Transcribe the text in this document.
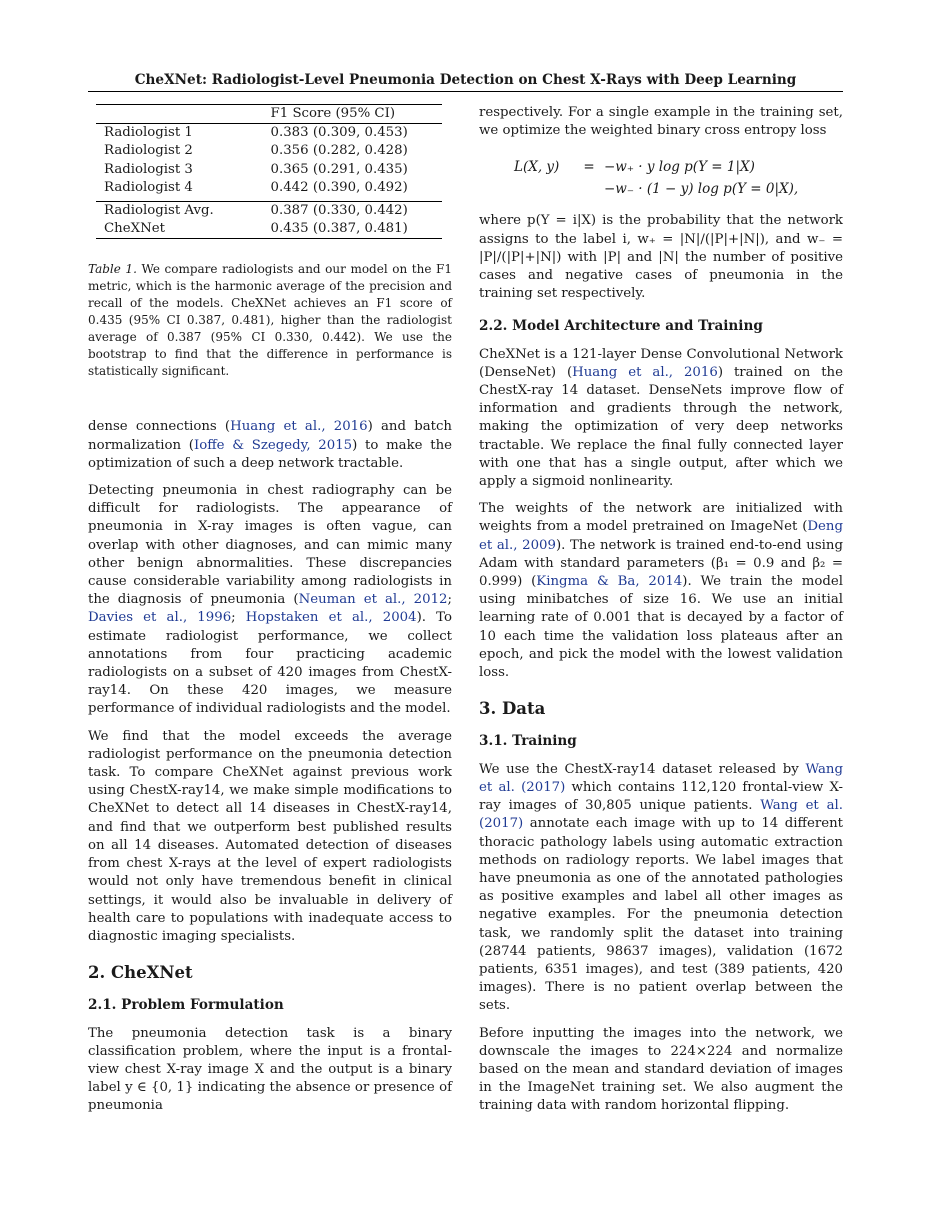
CheXNet: Radiologist-Level Pneumonia Detection on Chest X-Rays with Deep Learning
	F1 Score (95% CI)
Radiologist 1	0.383 (0.309, 0.453)
Radiologist 2	0.356 (0.282, 0.428)
Radiologist 3	0.365 (0.291, 0.435)
Radiologist 4	0.442 (0.390, 0.492)
Radiologist Avg.	0.387 (0.330, 0.442)
CheXNet	0.435 (0.387, 0.481)
Table 1. We compare radiologists and our model on the F1 metric, which is the harmonic average of the precision and recall of the models. CheXNet achieves an F1 score of 0.435 (95% CI 0.387, 0.481), higher than the radiologist average of 0.387 (95% CI 0.330, 0.442). We use the bootstrap to find that the difference in performance is statistically significant.

dense connections (Huang et al., 2016) and batch normalization (Ioffe & Szegedy, 2015) to make the optimization of such a deep network tractable.

Detecting pneumonia in chest radiography can be difficult for radiologists. The appearance of pneumonia in X-ray images is often vague, can overlap with other diagnoses, and can mimic many other benign abnormalities. These discrepancies cause considerable variability among radiologists in the diagnosis of pneumonia (Neuman et al., 2012; Davies et al., 1996; Hopstaken et al., 2004). To estimate radiologist performance, we collect annotations from four practicing academic radiologists on a subset of 420 images from ChestX-ray14. On these 420 images, we measure performance of individual radiologists and the model.

We find that the model exceeds the average radiologist performance on the pneumonia detection task. To compare CheXNet against previous work using ChestX-ray14, we make simple modifications to CheXNet to detect all 14 diseases in ChestX-ray14, and find that we outperform best published results on all 14 diseases. Automated detection of diseases from chest X-rays at the level of expert radiologists would not only have tremendous benefit in clinical settings, it would also be invaluable in delivery of health care to populations with inadequate access to diagnostic imaging specialists.

2. CheXNet
2.1. Problem Formulation

The pneumonia detection task is a binary classification problem, where the input is a frontal-view chest X-ray image X and the output is a binary label y ∈ {0, 1} indicating the absence or presence of pneumonia

respectively. For a single example in the training set, we optimize the weighted binary cross entropy loss

L(X, y)	= −w₊ · y log p(Y = 1|X)
−w₋ · (1 − y) log p(Y = 0|X),

where p(Y = i|X) is the probability that the network assigns to the label i, w₊ = |N|/(|P|+|N|), and w₋ = |P|/(|P|+|N|) with |P| and |N| the number of positive cases and negative cases of pneumonia in the training set respectively.

2.2. Model Architecture and Training

CheXNet is a 121-layer Dense Convolutional Network (DenseNet) (Huang et al., 2016) trained on the ChestX-ray 14 dataset. DenseNets improve flow of information and gradients through the network, making the optimization of very deep networks tractable. We replace the final fully connected layer with one that has a single output, after which we apply a sigmoid nonlinearity.

The weights of the network are initialized with weights from a model pretrained on ImageNet (Deng et al., 2009). The network is trained end-to-end using Adam with standard parameters (β₁ = 0.9 and β₂ = 0.999) (Kingma & Ba, 2014). We train the model using minibatches of size 16. We use an initial learning rate of 0.001 that is decayed by a factor of 10 each time the validation loss plateaus after an epoch, and pick the model with the lowest validation loss.

3. Data
3.1. Training

We use the ChestX-ray14 dataset released by Wang et al. (2017) which contains 112,120 frontal-view X-ray images of 30,805 unique patients. Wang et al. (2017) annotate each image with up to 14 different thoracic pathology labels using automatic extraction methods on radiology reports. We label images that have pneumonia as one of the annotated pathologies as positive examples and label all other images as negative examples. For the pneumonia detection task, we randomly split the dataset into training (28744 patients, 98637 images), validation (1672 patients, 6351 images), and test (389 patients, 420 images). There is no patient overlap between the sets.

Before inputting the images into the network, we downscale the images to 224×224 and normalize based on the mean and standard deviation of images in the ImageNet training set. We also augment the training data with random horizontal flipping.
